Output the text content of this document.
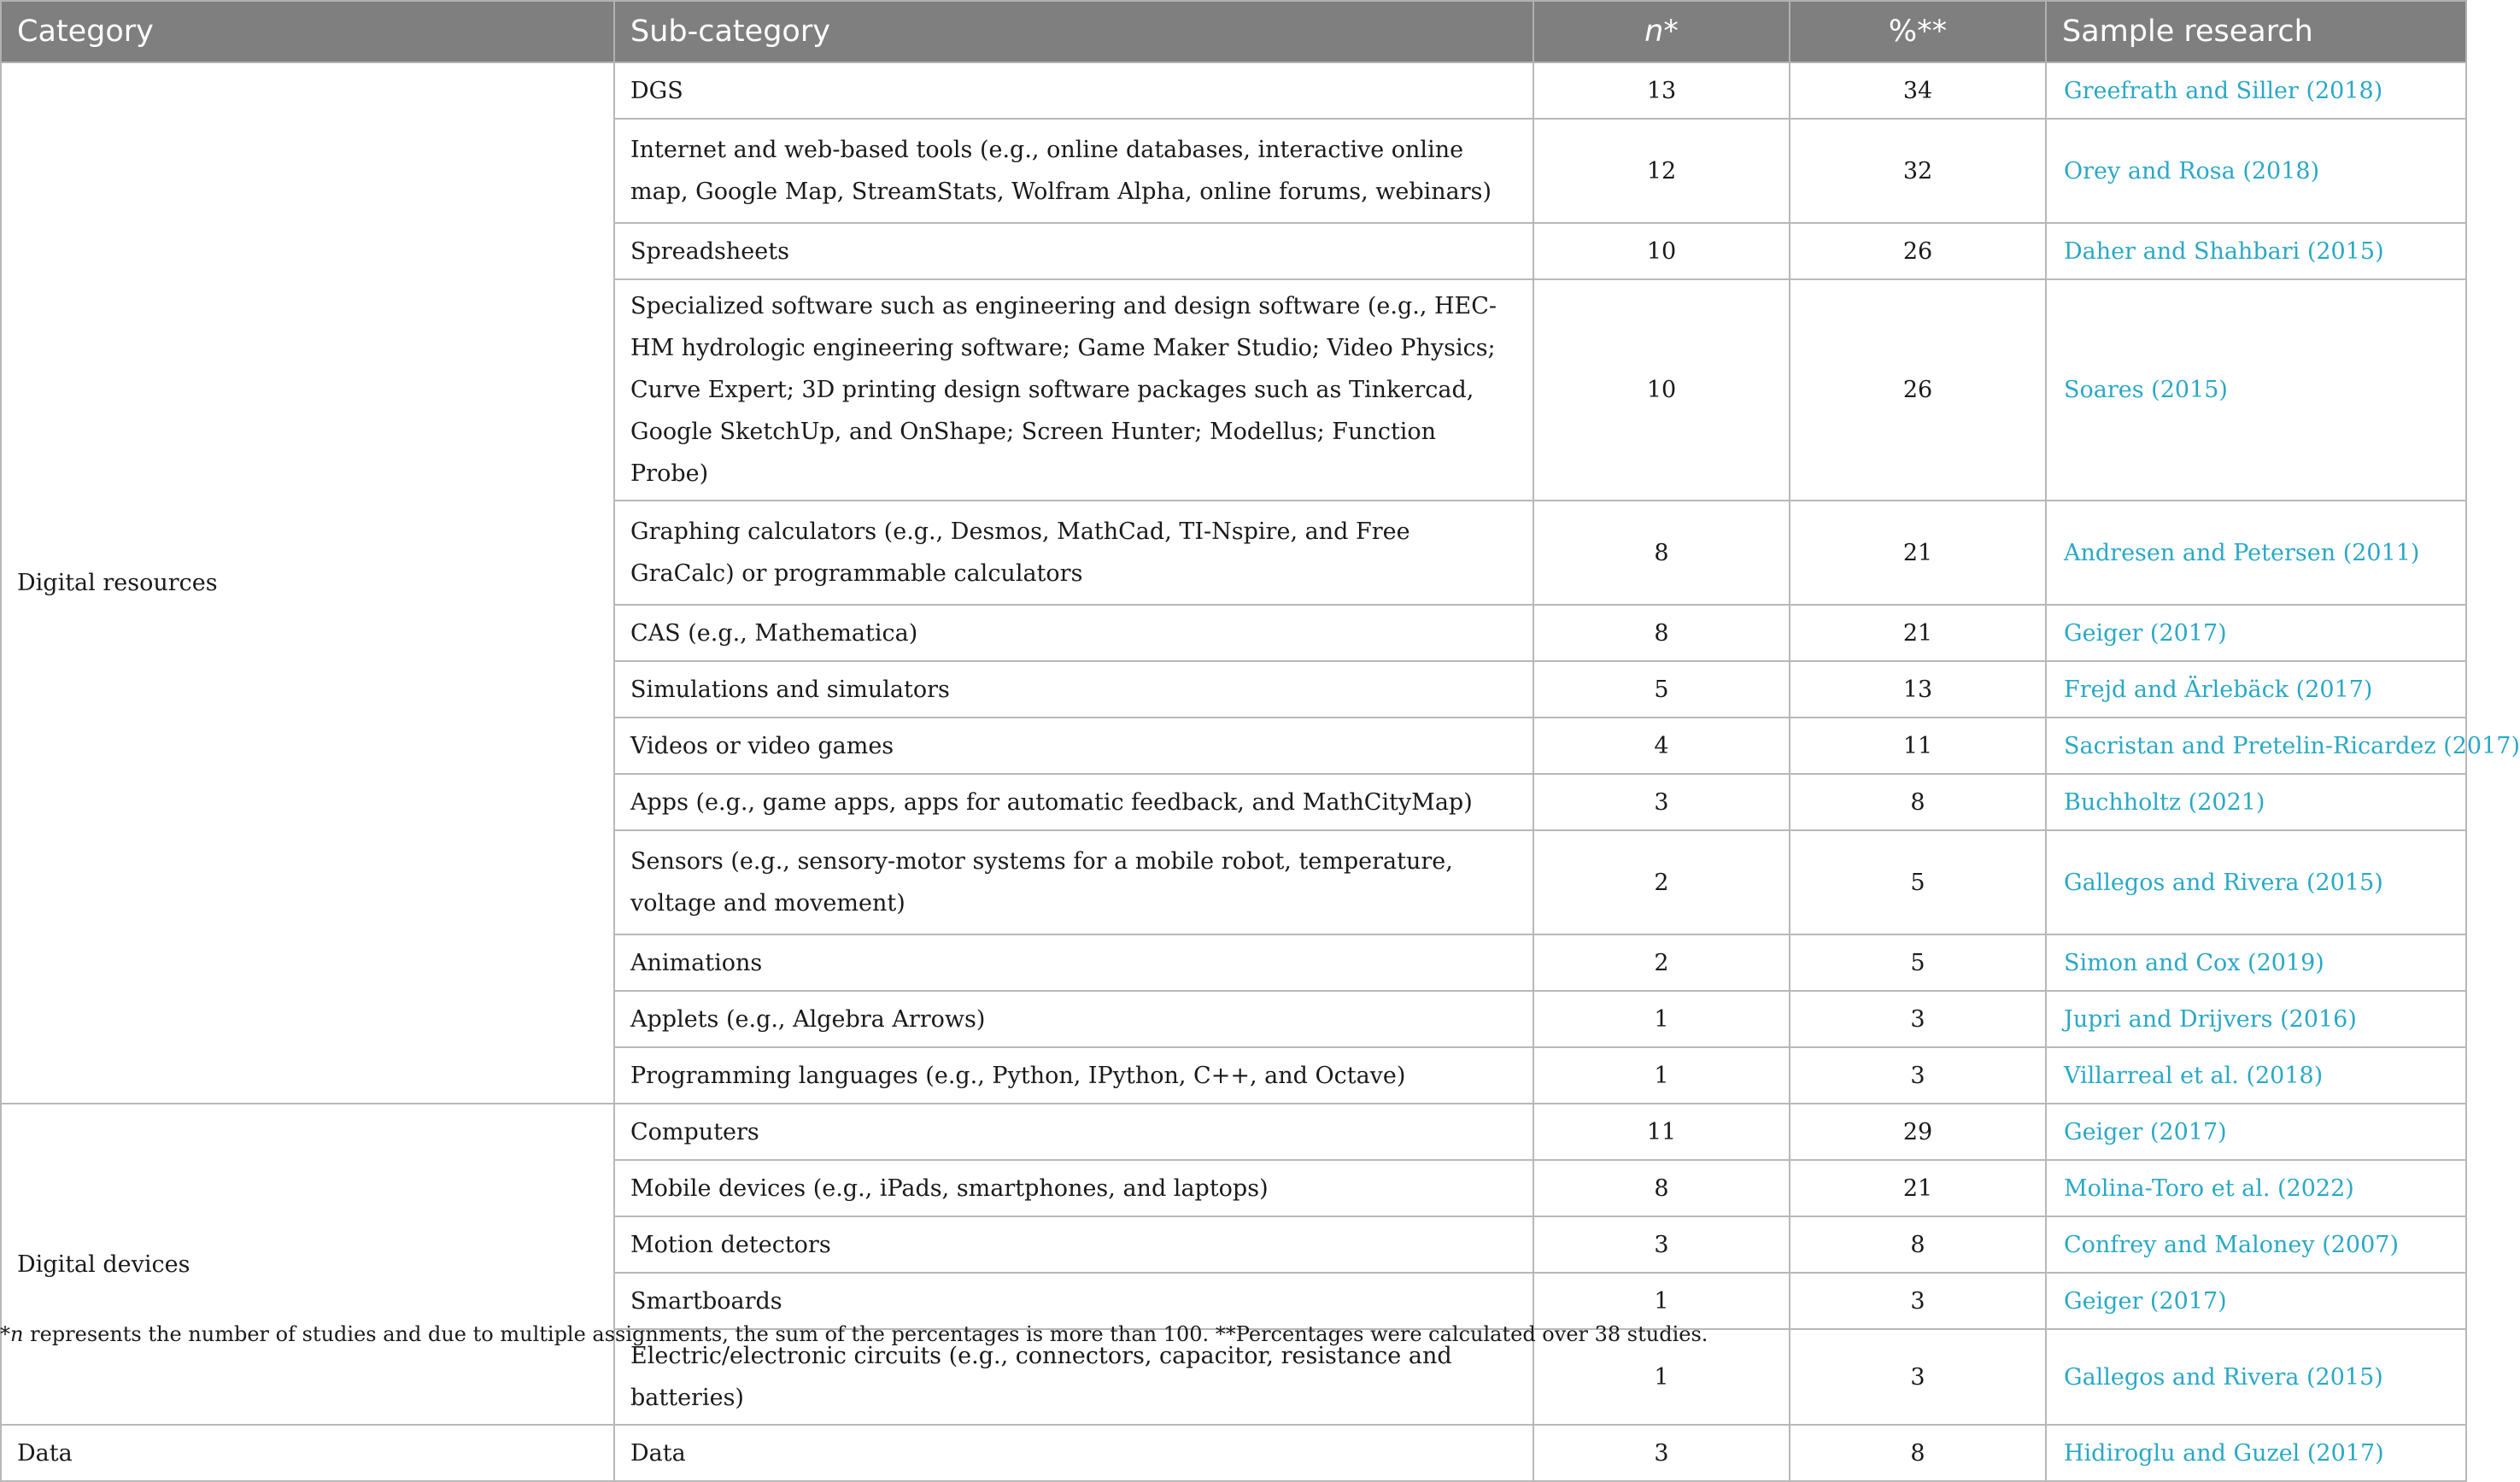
Category	Sub-category	n*	%**	Sample research
Digital resources	DGS	13	34	Greefrath and Siller (2018)
	Internet and web-based tools (e.g., online databases, interactive online map, Google Map, StreamStats, Wolfram Alpha, online forums, webinars)	12	32	Orey and Rosa (2018)
	Spreadsheets	10	26	Daher and Shahbari (2015)
	Specialized software such as engineering and design software (e.g., HEC-HM hydrologic engineering software; Game Maker Studio; Video Physics; Curve Expert; 3D printing design software packages such as Tinkercad, Google SketchUp, and OnShape; Screen Hunter; Modellus; Function Probe)	10	26	Soares (2015)
	Graphing calculators (e.g., Desmos, MathCad, TI-Nspire, and Free GraCalc) or programmable calculators	8	21	Andresen and Petersen (2011)
	CAS (e.g., Mathematica)	8	21	Geiger (2017)
	Simulations and simulators	5	13	Frejd and Ärlebäck (2017)
	Videos or video games	4	11	Sacristan and Pretelin-Ricardez (2017)
	Apps (e.g., game apps, apps for automatic feedback, and MathCityMap)	3	8	Buchholtz (2021)
	Sensors (e.g., sensory-motor systems for a mobile robot, temperature, voltage and movement)	2	5	Gallegos and Rivera (2015)
	Animations	2	5	Simon and Cox (2019)
	Applets (e.g., Algebra Arrows)	1	3	Jupri and Drijvers (2016)
	Programming languages (e.g., Python, IPython, C++, and Octave)	1	3	Villarreal et al. (2018)
Digital devices	Computers	11	29	Geiger (2017)
	Mobile devices (e.g., iPads, smartphones, and laptops)	8	21	Molina-Toro et al. (2022)
	Motion detectors	3	8	Confrey and Maloney (2007)
	Smartboards	1	3	Geiger (2017)
	Electric/electronic circuits (e.g., connectors, capacitor, resistance and batteries)	1	3	Gallegos and Rivera (2015)
Data	Data	3	8	Hidiroglu and Guzel (2017)
*n represents the number of studies and due to multiple assignments, the sum of the percentages is more than 100. **Percentages were calculated over 38 studies.
